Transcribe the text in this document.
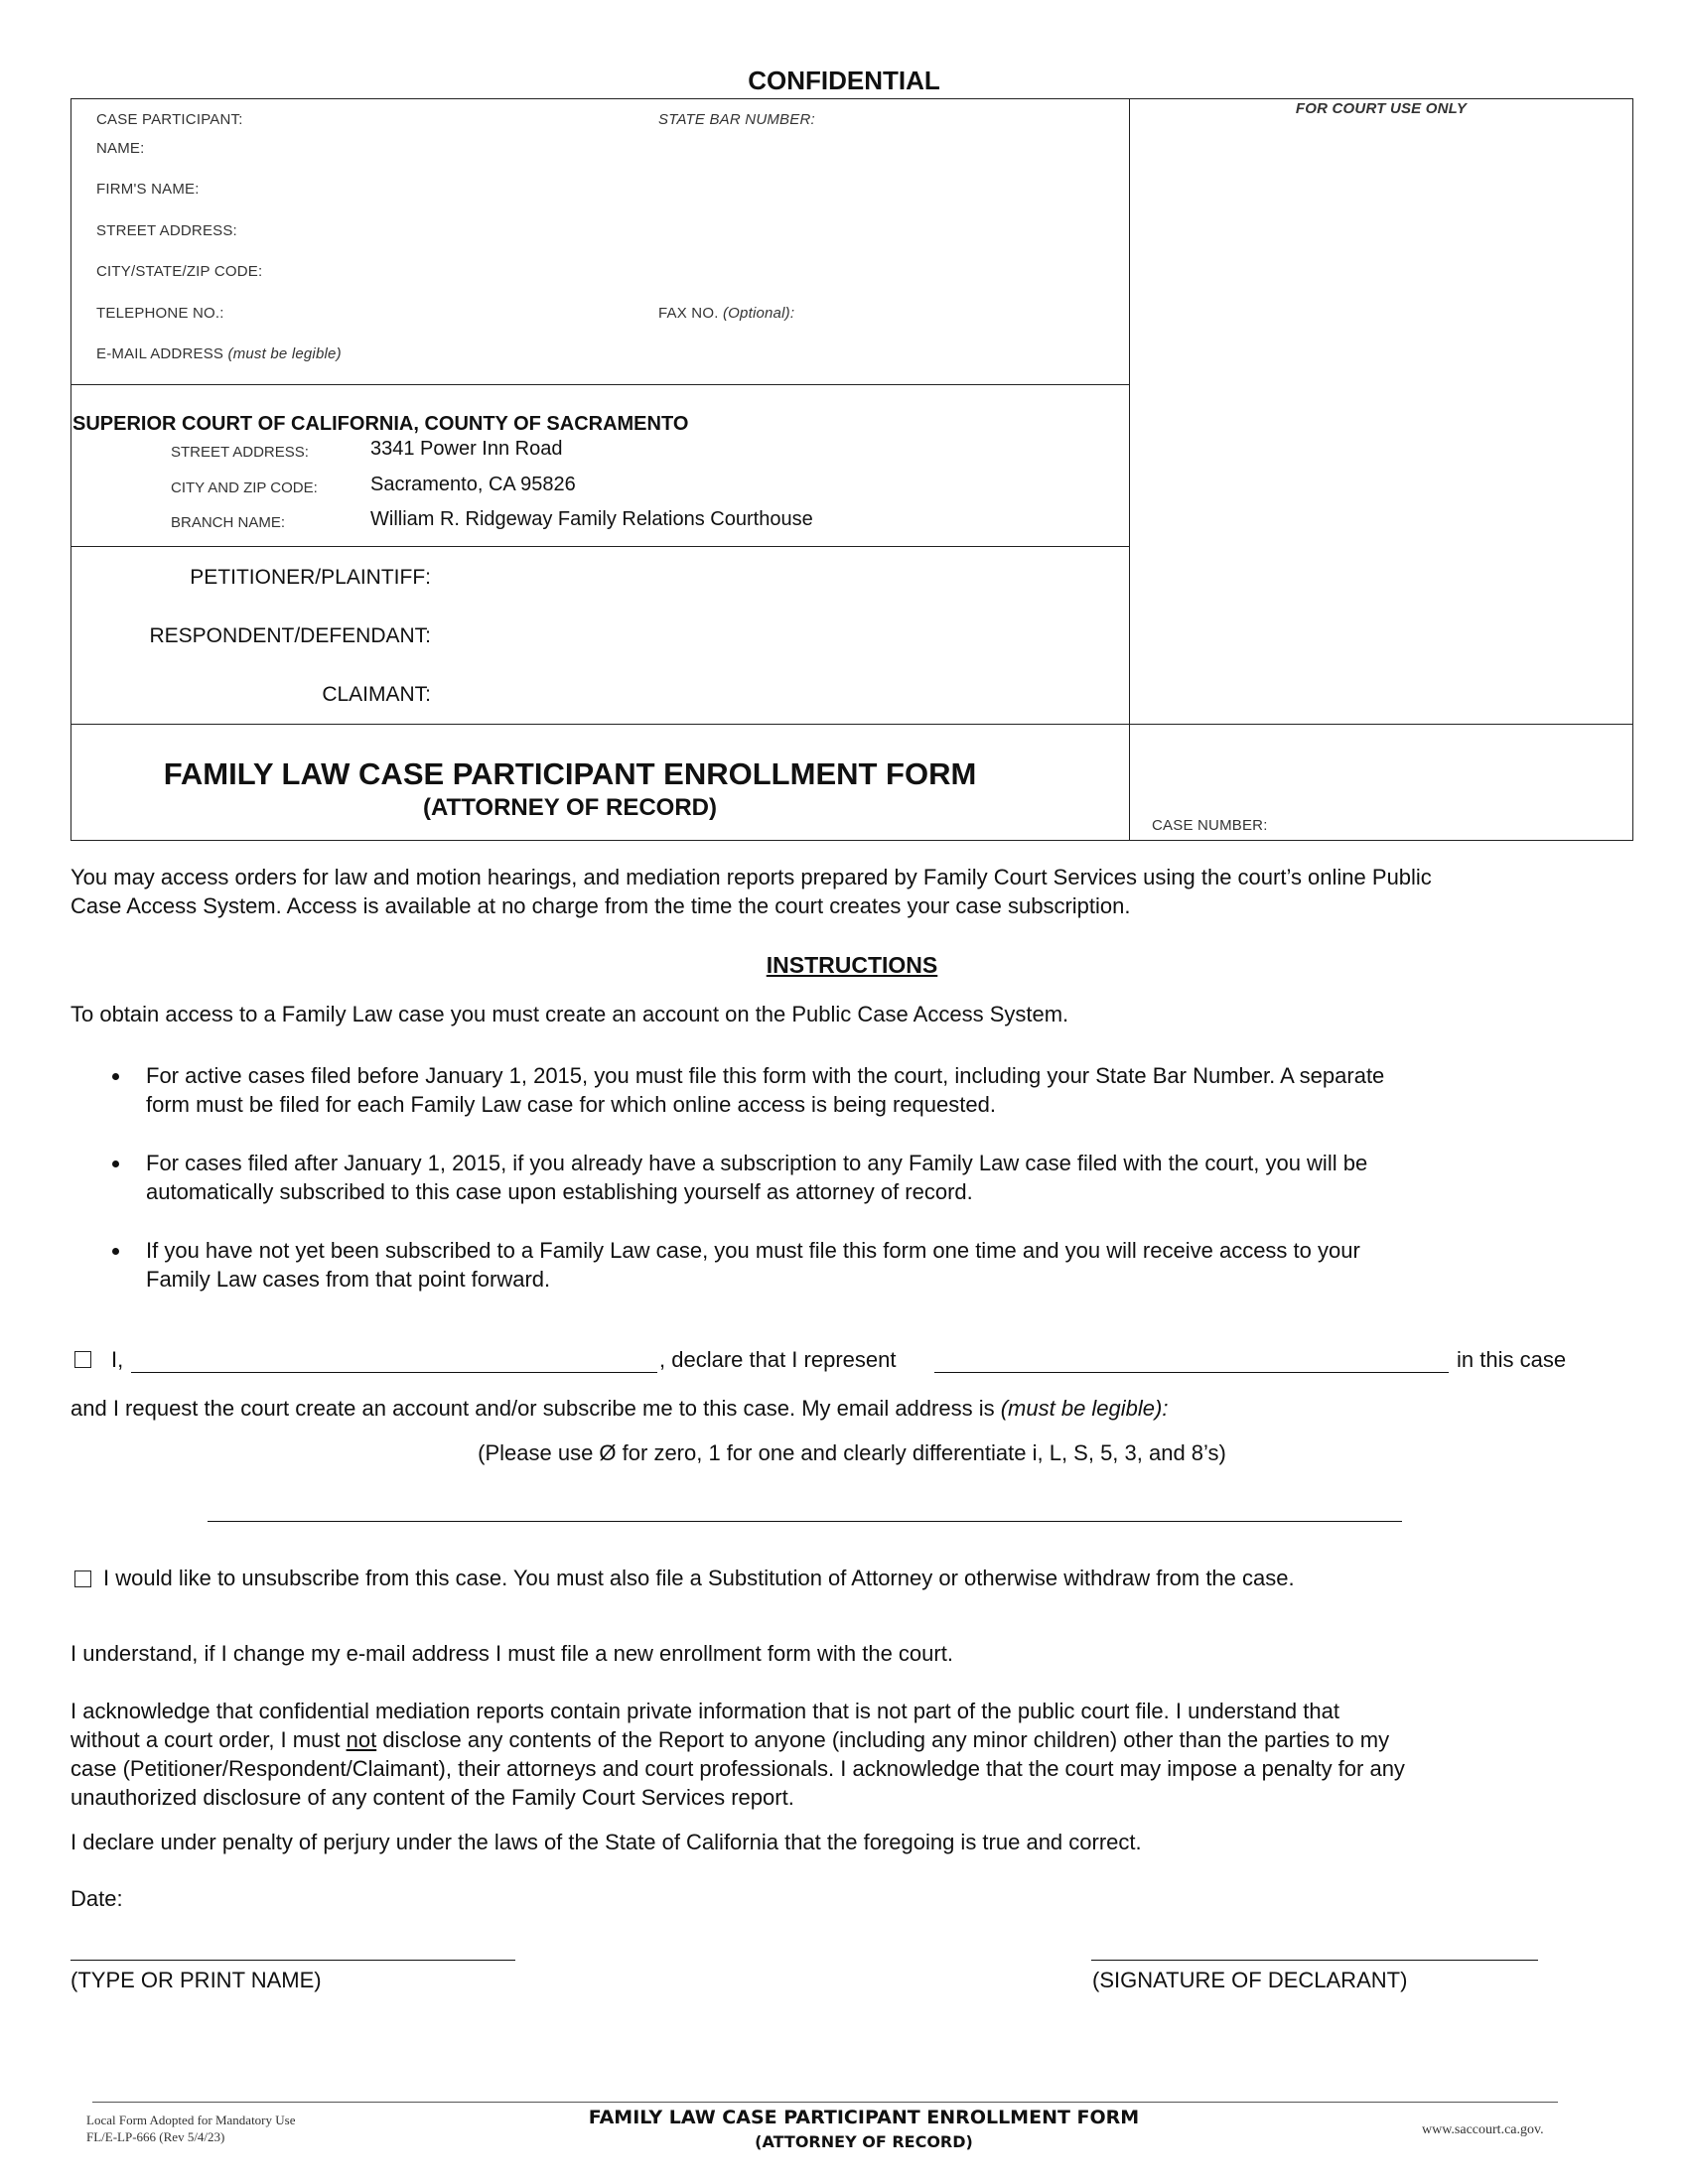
CONFIDENTIAL
CASE PARTICIPANT:	STATE BAR NUMBER:
NAME:
FIRM'S NAME:
STREET ADDRESS:
CITY/STATE/ZIP CODE:
TELEPHONE NO.:	FAX NO. (Optional):
E-MAIL ADDRESS (must be legible)
FOR COURT USE ONLY
SUPERIOR COURT OF CALIFORNIA, COUNTY OF SACRAMENTO
STREET ADDRESS:	3341 Power Inn Road
CITY AND ZIP CODE:	Sacramento, CA 95826
BRANCH NAME:	William R. Ridgeway Family Relations Courthouse
PETITIONER/PLAINTIFF:
RESPONDENT/DEFENDANT:
CLAIMANT:
FAMILY LAW CASE PARTICIPANT ENROLLMENT FORM
(ATTORNEY OF RECORD)
CASE NUMBER:
You may access orders for law and motion hearings, and mediation reports prepared by Family Court Services using the court’s online Public
Case Access System. Access is available at no charge from the time the court creates your case subscription.
INSTRUCTIONS
To obtain access to a Family Law case you must create an account on the Public Case Access System.
For active cases filed before January 1, 2015, you must file this form with the court, including your State Bar Number. A separate
form must be filed for each Family Law case for which online access is being requested.
For cases filed after January 1, 2015, if you already have a subscription to any Family Law case filed with the court, you will be
automatically subscribed to this case upon establishing yourself as attorney of record.
If you have not yet been subscribed to a Family Law case, you must file this form one time and you will receive access to your
Family Law cases from that point forward.
I,	, declare that I represent	in this case
and I request the court create an account and/or subscribe me to this case. My email address is (must be legible):
(Please use Ø for zero, 1 for one and clearly differentiate i, L, S, 5, 3, and 8’s)
I would like to unsubscribe from this case. You must also file a Substitution of Attorney or otherwise withdraw from the case.
I understand, if I change my e-mail address I must file a new enrollment form with the court.
I acknowledge that confidential mediation reports contain private information that is not part of the public court file. I understand that
without a court order, I must not disclose any contents of the Report to anyone (including any minor children) other than the parties to my
case (Petitioner/Respondent/Claimant), their attorneys and court professionals. I acknowledge that the court may impose a penalty for any
unauthorized disclosure of any content of the Family Court Services report.
I declare under penalty of perjury under the laws of the State of California that the foregoing is true and correct.
Date:
(TYPE OR PRINT NAME)	(SIGNATURE OF DECLARANT)
Local Form Adopted for Mandatory Use
FL/E-LP-666 (Rev 5/4/23)
FAMILY LAW CASE PARTICIPANT ENROLLMENT FORM
(ATTORNEY OF RECORD)
www.saccourt.ca.gov.
